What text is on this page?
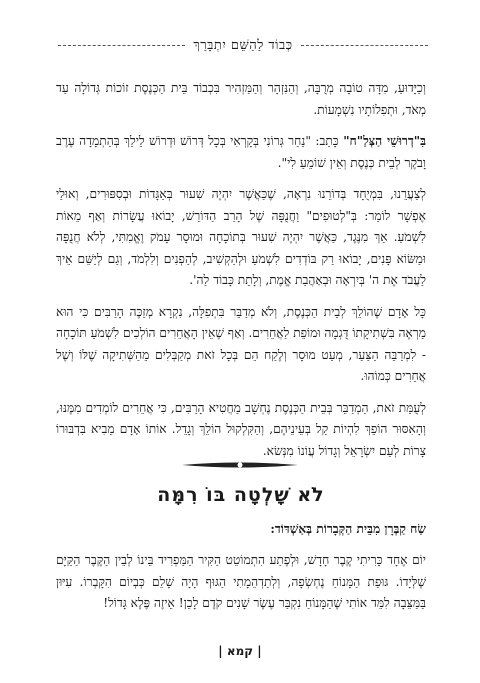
כְּבוֹד לַהַשֵּׁם יִתְבָּרַךְ

וְכַיָּדוּעַ, מִדָּה טוֹבָה מְרֻבָּה, וְהַנִּזְהָר וְהַמַּזְהִיר בִּכְבוֹד בֵּית הַכְּנֶסֶת זוֹכוֹת גְּדוֹלָה עַד מְאֹד, וּתְפִלוֹתָיו נִשְׁמָעוֹת.

בִּ"דְרוּשֵׁי הַצְּלַ"ח" כָּתַב: "נַחַר גְּרוֹנִי בְּקָרְאִי בְּכָל דְּרוֹשׁ וּדְרוֹשׁ לֵילֵךְ בְּהַתְמָדָה עֶרֶב וָבֹקֶר לְבֵית כְּנֶסֶת וְאֵין שׁוֹמֵעַ לִי".

לְצַעֲרֵנוּ, בִּמְיֻחָד בְּדוֹרֵנוּ נִרְאָה, שֶׁכַּאֲשֶׁר יִהְיֶה שִׁעוּר בְּאַגָּדוֹת וּבְסִפּוּרִים, וְאוּלַי אֶפְשָׁר לוֹמַר: בְּ"לְטוּפִים" וַחֲנֻפָּה שֶׁל הָרַב הַדּוֹרֵשׁ, יָבוֹאוּ עֲשָׂרוֹת וְאַף מֵאוֹת לִשְׁמֹעַ. אַךְ מִנֶּגֶד, כַּאֲשֶׁר יִהְיֶה שִׁעוּר בְּתוֹכָחָה וּמוּסָר עָמֹק וֶאֱמִתִּי, לְלֹא חֲנֻפָּה וּמַשּׂוֹא פָּנִים, יָבוֹאוּ רַק בּוֹדְדִים לִשְׁמֹעַ וּלְהַקְשִׁיב, לְהַפְנִים וְלִלְמֹד, וְגַם לְיַשֵּׁם אֵיךְ לַעֲבֹד אֶת ה' בְּיִרְאָה וּבְאַהֲבַת אֱמֶת, וְלָתֵת כָּבוֹד לַה'.

כָּל אָדָם שֶׁהוֹלֵךְ לְבֵית הַכְּנֶסֶת, וְלֹא מְדַבֵּר בִּתְפִלָּה, נִקְרָא מְזַכֶּה הָרַבִּים כִּי הוּא מַרְאֶה בִּשְׁתִיקָתוֹ דֻּגְמָה וּמוֹפֵת לַאֲחֵרִים. וְאַף שֶׁאֵין הָאֲחֵרִים הוֹלְכִים לִשְׁמֹעַ תּוֹכָחָה - לִמְרַבֵּה הַצַּעַר, מְעַט מוּסָר וְלֶקַח הֵם בְּכָל זֹאת מְקַבְּלִים מֵהַשְּׁתִיקָה שֶׁלּוֹ וְשֶׁל אֲחֵרִים כְּמוֹהוּ.

לְעֻמַּת זֹאת, הַמְדַבֵּר בְּבֵית הַכְּנֶסֶת נֶחְשָׁב מַחֲטִיא הָרַבִּים, כִּי אֲחֵרִים לוֹמְדִים מִמֶּנּוּ, וְהָאִסּוּר הוֹפֵךְ לִהְיוֹת קַל בְּעֵינֵיהֶם, וְהַקִּלְקוּל הוֹלֵךְ וְגָדֵל. אוֹתוֹ אָדָם מֵבִיא בִּדְבּוּרוֹ צָרוֹת לְעַם יִשְׂרָאֵל וְגָדוֹל עֲוֹנוֹ מִנְּשׂא.

לֹא שָׁלְטָה בּוֹ רִמָּה
שַׂח קַבְּרָן מִבֵּית הַקְּבָרוֹת בְּאַשְׁדּוֹד:
יוֹם אֶחָד כָּרִיתִי קֶבֶר חָדָשׁ, וּלְפֶתַע הִתְמוֹטֵט הַקִּיר הַמַּפְרִיד בֵּינוֹ לְבֵין הַקֶּבֶר הַקַּיָּם שֶׁלְּיָדוֹ. גּוּפַת הַמָּנוֹחַ נֶחְשְׂפָה, וְלְתַדְהֵמָתִי הַגּוּף הָיָה שָׁלֵם כְּבְיוֹם הִקָּבְרוֹ. עִיּוּן בַּמַּצֵּבָה לִמֵּד אוֹתִי שֶׁהַמָּנוֹחַ נִקְבַּר עֶשֶׂר שָׁנִים קֹדֶם לָכֵן! אֵיזֶה פֶּלֶא גָּדוֹל!
| קמא |
